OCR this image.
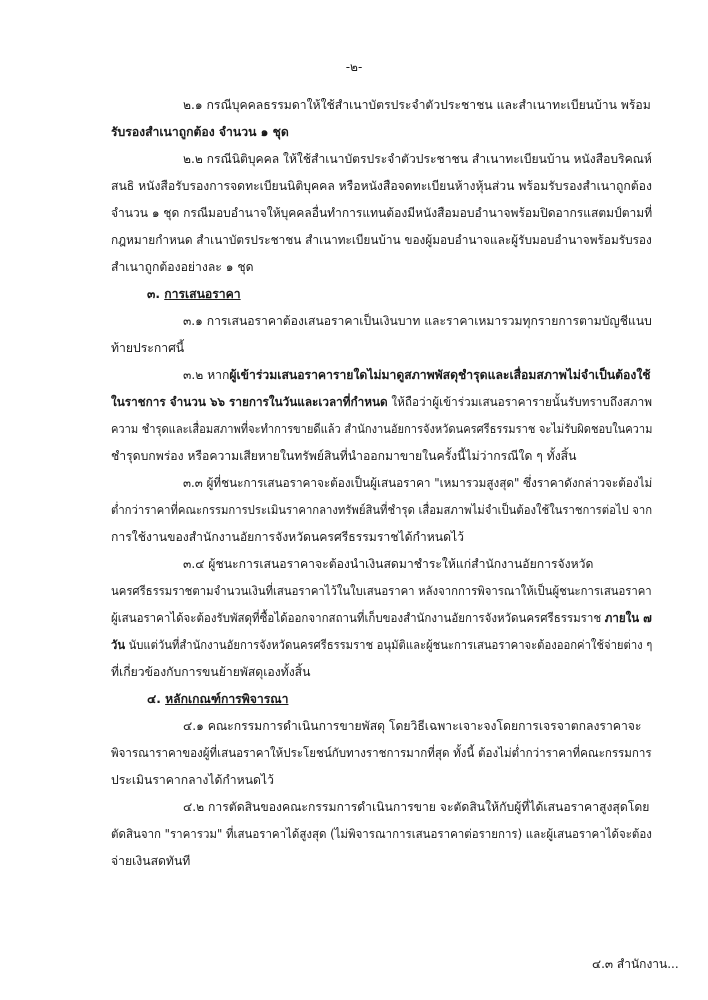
-๒-
๒.๑ กรณีบุคคลธรรมดาให้ใช้สำเนาบัตรประจำตัวประชาชน และสำเนาทะเบียนบ้าน พร้อม
รับรองสำเนาถูกต้อง จำนวน ๑ ชุด
๒.๒ กรณีนิติบุคคล ให้ใช้สำเนาบัตรประจำตัวประชาชน สำเนาทะเบียนบ้าน หนังสือบริคณห์
สนธิ หนังสือรับรองการจดทะเบียนนิติบุคคล หรือหนังสือจดทะเบียนห้างหุ้นส่วน พร้อมรับรองสำเนาถูกต้อง
จำนวน ๑ ชุด กรณีมอบอำนาจให้บุคคลอื่นทำการแทนต้องมีหนังสือมอบอำนาจพร้อมปิดอากรแสตมป์ตามที่
กฎหมายกำหนด สำเนาบัตรประชาชน สำเนาทะเบียนบ้าน ของผู้มอบอำนาจและผู้รับมอบอำนาจพร้อมรับรอง
สำเนาถูกต้องอย่างละ ๑ ชุด
๓. การเสนอราคา
๓.๑ การเสนอราคาต้องเสนอราคาเป็นเงินบาท และราคาเหมารวมทุกรายการตามบัญชีแนบ
ท้ายประกาศนี้
๓.๒ หากผู้เข้าร่วมเสนอราคารายใดไม่มาดูสภาพพัสดุชำรุดและเสื่อมสภาพไม่จำเป็นต้องใช้
ในราชการ จำนวน ๖๖ รายการในวันและเวลาที่กำหนด ให้ถือว่าผู้เข้าร่วมเสนอราคารายนั้นรับทราบถึงสภาพ
ความ ชำรุดและเสื่อมสภาพที่จะทำการขายดีแล้ว สำนักงานอัยการจังหวัดนครศรีธรรมราช จะไม่รับผิดชอบในความ
ชำรุดบกพร่อง หรือความเสียหายในทรัพย์สินที่นำออกมาขายในครั้งนี้ไม่ว่ากรณีใด ๆ ทั้งสิ้น
๓.๓ ผู้ที่ชนะการเสนอราคาจะต้องเป็นผู้เสนอราคา "เหมารวมสูงสุด" ซึ่งราคาดังกล่าวจะต้องไม่
ต่ำกว่าราคาที่คณะกรรมการประเมินราคากลางทรัพย์สินที่ชำรุด เสื่อมสภาพไม่จำเป็นต้องใช้ในราชการต่อไป จาก
การใช้งานของสำนักงานอัยการจังหวัดนครศรีธรรมราชได้กำหนดไว้
๓.๔ ผู้ชนะการเสนอราคาจะต้องนำเงินสดมาชำระให้แก่สำนักงานอัยการจังหวัด
นครศรีธรรมราชตามจำนวนเงินที่เสนอราคาไว้ในใบเสนอราคา หลังจากการพิจารณาให้เป็นผู้ชนะการเสนอราคา
ผู้เสนอราคาได้จะต้องรับพัสดุที่ซื้อได้ออกจากสถานที่เก็บของสำนักงานอัยการจังหวัดนครศรีธรรมราช ภายใน ๗
วัน นับแต่วันที่สำนักงานอัยการจังหวัดนครศรีธรรมราช อนุมัติและผู้ชนะการเสนอราคาจะต้องออกค่าใช้จ่ายต่าง ๆ
ที่เกี่ยวข้องกับการขนย้ายพัสดุเองทั้งสิ้น
๔. หลักเกณฑ์การพิจารณา
๔.๑ คณะกรรมการดำเนินการขายพัสดุ โดยวิธีเฉพาะเจาะจงโดยการเจรจาตกลงราคาจะ
พิจารณาราคาของผู้ที่เสนอราคาให้ประโยชน์กับทางราชการมากที่สุด ทั้งนี้ ต้องไม่ต่ำกว่าราคาที่คณะกรรมการ
ประเมินราคากลางได้กำหนดไว้
๔.๒ การตัดสินของคณะกรรมการดำเนินการขาย จะตัดสินให้กับผู้ที่ได้เสนอราคาสูงสุดโดย
ตัดสินจาก "ราคารวม" ที่เสนอราคาได้สูงสุด (ไม่พิจารณาการเสนอราคาต่อรายการ) และผู้เสนอราคาได้จะต้อง
จ่ายเงินสดทันที
๔.๓ สำนักงาน...
